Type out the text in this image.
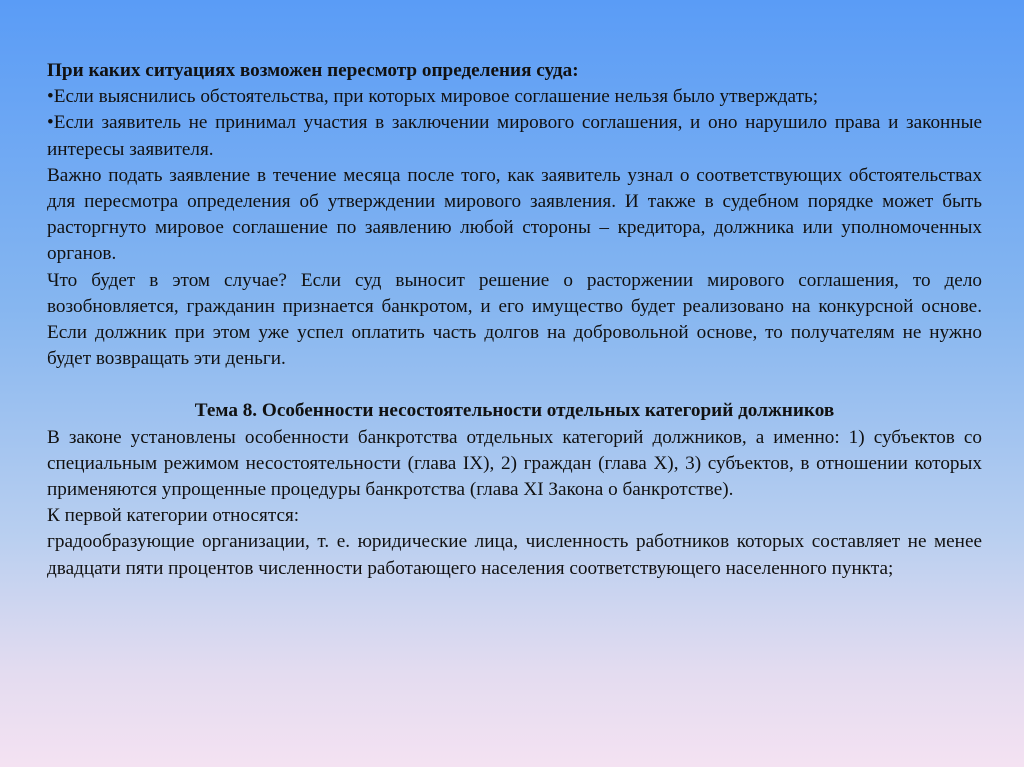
При каких ситуациях возможен пересмотр определения суда:

•Если выяснились обстоятельства, при которых мировое соглашение нельзя было утверждать;

•Если заявитель не принимал участия в заключении мирового соглашения, и оно нарушило права и законные интересы заявителя.

Важно подать заявление в течение месяца после того, как заявитель узнал о соответствующих обстоятельствах для пересмотра определения об утверждении мирового заявления. И также в судебном порядке может быть расторгнуто мировое соглашение по заявлению любой стороны – кредитора, должника или уполномоченных органов.

Что будет в этом случае? Если суд выносит решение о расторжении мирового соглашения, то дело возобновляется, гражданин признается банкротом, и его имущество будет реализовано на конкурсной основе. Если должник при этом уже успел оплатить часть долгов на добровольной основе, то получателям не нужно будет возвращать эти деньги.

Тема 8. Особенности несостоятельности отдельных категорий должников

В законе установлены особенности банкротства отдельных категорий должников, а именно: 1) субъектов со специальным режимом несостоятельности (глава IX), 2) граждан (глава X), 3) субъектов, в отношении которых применяются упрощенные процедуры банкротства (глава XI Закона о банкротстве).

К первой категории относятся:

градообразующие организации, т. е. юридические лица, численность работников которых составляет не менее двадцати пяти процентов численности работающего населения соответствующего населенного пункта;
